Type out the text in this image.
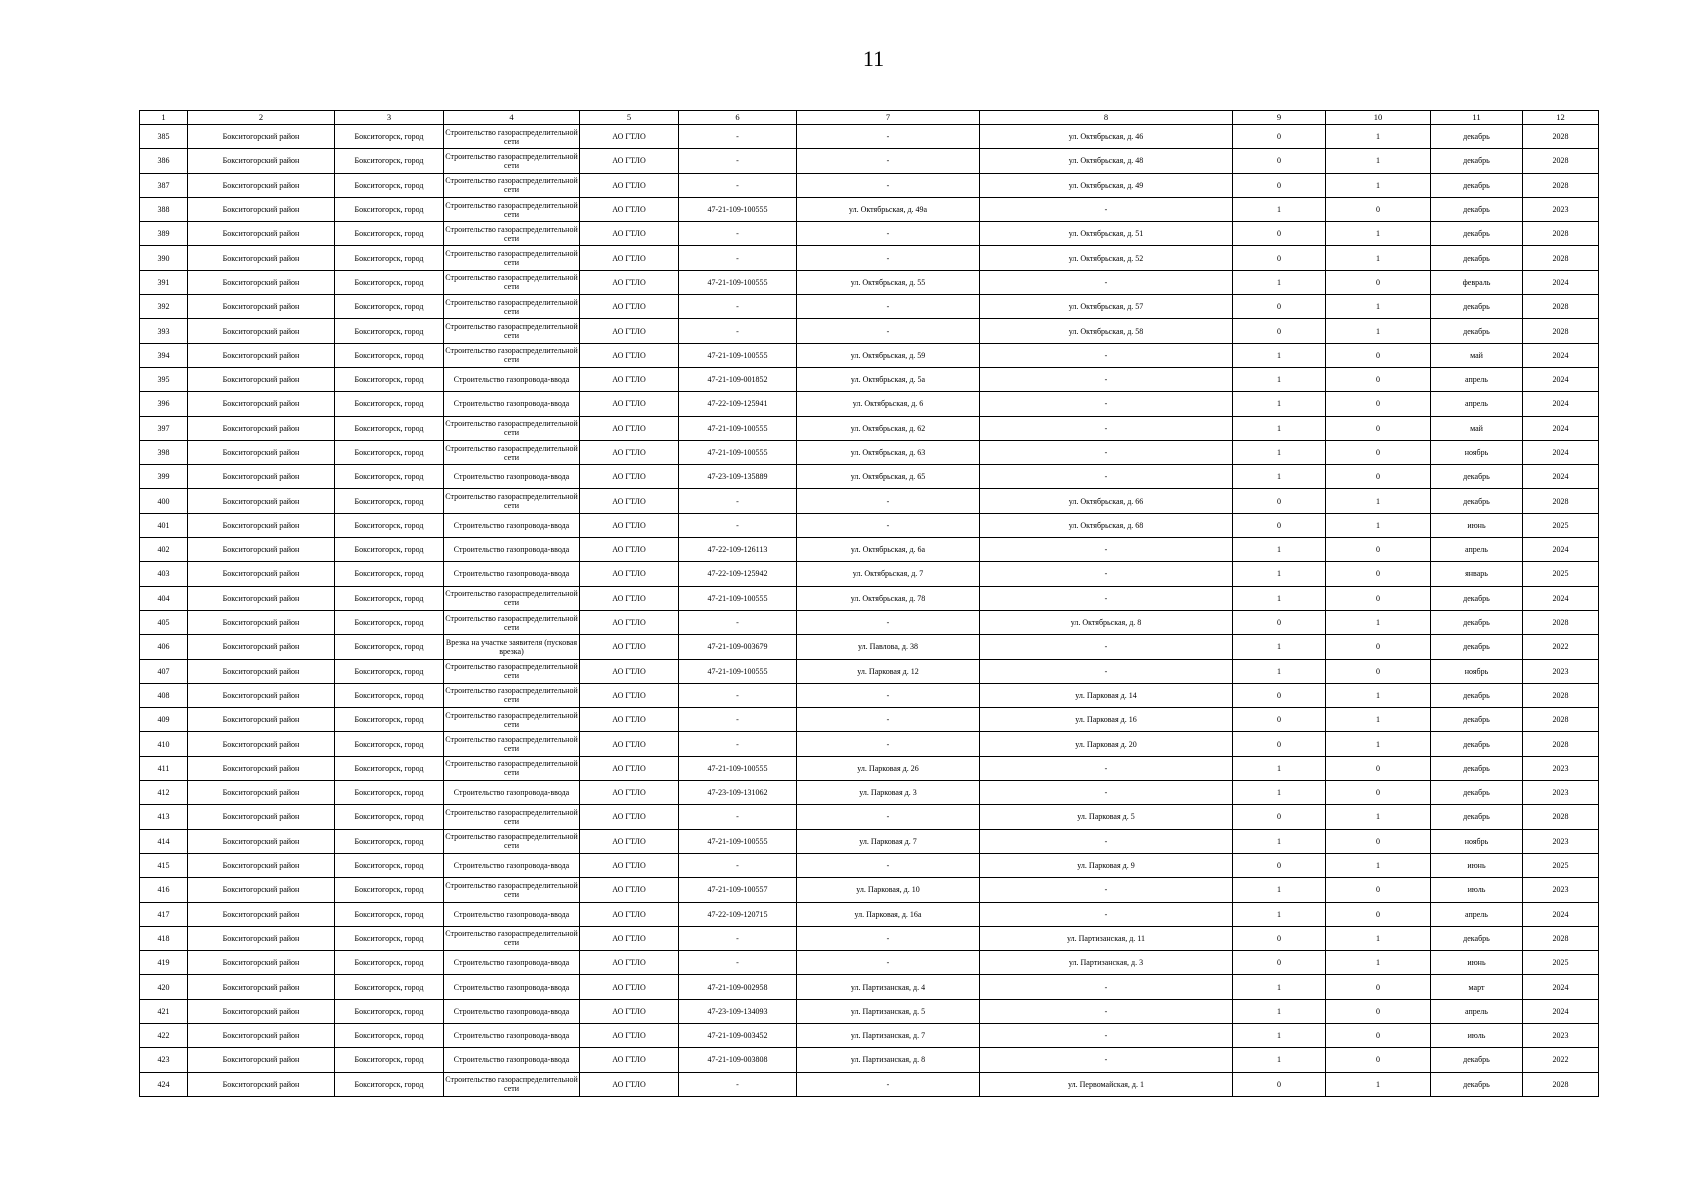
11
1	2	3	4	5	6	7	8	9	10	11	12
385	Бокситогорский район	Бокситогорск, город	Строительство газораспределительной сети	АО ГТЛО	-	-	ул. Октябрьская, д. 46	0	1	декабрь	2028
386	Бокситогорский район	Бокситогорск, город	Строительство газораспределительной сети	АО ГТЛО	-	-	ул. Октябрьская, д. 48	0	1	декабрь	2028
387	Бокситогорский район	Бокситогорск, город	Строительство газораспределительной сети	АО ГТЛО	-	-	ул. Октябрьская, д. 49	0	1	декабрь	2028
388	Бокситогорский район	Бокситогорск, город	Строительство газораспределительной сети	АО ГТЛО	47-21-109-100555	ул. Октябрьская, д. 49а	-	1	0	декабрь	2023
389	Бокситогорский район	Бокситогорск, город	Строительство газораспределительной сети	АО ГТЛО	-	-	ул. Октябрьская, д. 51	0	1	декабрь	2028
390	Бокситогорский район	Бокситогорск, город	Строительство газораспределительной сети	АО ГТЛО	-	-	ул. Октябрьская, д. 52	0	1	декабрь	2028
391	Бокситогорский район	Бокситогорск, город	Строительство газораспределительной сети	АО ГТЛО	47-21-109-100555	ул. Октябрьская, д. 55	-	1	0	февраль	2024
392	Бокситогорский район	Бокситогорск, город	Строительство газораспределительной сети	АО ГТЛО	-	-	ул. Октябрьская, д. 57	0	1	декабрь	2028
393	Бокситогорский район	Бокситогорск, город	Строительство газораспределительной сети	АО ГТЛО	-	-	ул. Октябрьская, д. 58	0	1	декабрь	2028
394	Бокситогорский район	Бокситогорск, город	Строительство газораспределительной сети	АО ГТЛО	47-21-109-100555	ул. Октябрьская, д. 59	-	1	0	май	2024
395	Бокситогорский район	Бокситогорск, город	Строительство газопровода-ввода	АО ГТЛО	47-21-109-001852	ул. Октябрьская, д. 5а	-	1	0	апрель	2024
396	Бокситогорский район	Бокситогорск, город	Строительство газопровода-ввода	АО ГТЛО	47-22-109-125941	ул. Октябрьская, д. 6	-	1	0	апрель	2024
397	Бокситогорский район	Бокситогорск, город	Строительство газораспределительной сети	АО ГТЛО	47-21-109-100555	ул. Октябрьская, д. 62	-	1	0	май	2024
398	Бокситогорский район	Бокситогорск, город	Строительство газораспределительной сети	АО ГТЛО	47-21-109-100555	ул. Октябрьская, д. 63	-	1	0	ноябрь	2024
399	Бокситогорский район	Бокситогорск, город	Строительство газопровода-ввода	АО ГТЛО	47-23-109-135889	ул. Октябрьская, д. 65	-	1	0	декабрь	2024
400	Бокситогорский район	Бокситогорск, город	Строительство газораспределительной сети	АО ГТЛО	-	-	ул. Октябрьская, д. 66	0	1	декабрь	2028
401	Бокситогорский район	Бокситогорск, город	Строительство газопровода-ввода	АО ГТЛО	-	-	ул. Октябрьская, д. 68	0	1	июнь	2025
402	Бокситогорский район	Бокситогорск, город	Строительство газопровода-ввода	АО ГТЛО	47-22-109-126113	ул. Октябрьская, д. 6а	-	1	0	апрель	2024
403	Бокситогорский район	Бокситогорск, город	Строительство газопровода-ввода	АО ГТЛО	47-22-109-125942	ул. Октябрьская, д. 7	-	1	0	январь	2025
404	Бокситогорский район	Бокситогорск, город	Строительство газораспределительной сети	АО ГТЛО	47-21-109-100555	ул. Октябрьская, д. 78	-	1	0	декабрь	2024
405	Бокситогорский район	Бокситогорск, город	Строительство газораспределительной сети	АО ГТЛО	-	-	ул. Октябрьская, д. 8	0	1	декабрь	2028
406	Бокситогорский район	Бокситогорск, город	Врезка на участке заявителя (пусковая врезка)	АО ГТЛО	47-21-109-003679	ул. Павлова, д. 38	-	1	0	декабрь	2022
407	Бокситогорский район	Бокситогорск, город	Строительство газораспределительной сети	АО ГТЛО	47-21-109-100555	ул. Парковая д. 12	-	1	0	ноябрь	2023
408	Бокситогорский район	Бокситогорск, город	Строительство газораспределительной сети	АО ГТЛО	-	-	ул. Парковая д. 14	0	1	декабрь	2028
409	Бокситогорский район	Бокситогорск, город	Строительство газораспределительной сети	АО ГТЛО	-	-	ул. Парковая д. 16	0	1	декабрь	2028
410	Бокситогорский район	Бокситогорск, город	Строительство газораспределительной сети	АО ГТЛО	-	-	ул. Парковая д. 20	0	1	декабрь	2028
411	Бокситогорский район	Бокситогорск, город	Строительство газораспределительной сети	АО ГТЛО	47-21-109-100555	ул. Парковая д. 26	-	1	0	декабрь	2023
412	Бокситогорский район	Бокситогорск, город	Строительство газопровода-ввода	АО ГТЛО	47-23-109-131062	ул. Парковая д. 3	-	1	0	декабрь	2023
413	Бокситогорский район	Бокситогорск, город	Строительство газораспределительной сети	АО ГТЛО	-	-	ул. Парковая д. 5	0	1	декабрь	2028
414	Бокситогорский район	Бокситогорск, город	Строительство газораспределительной сети	АО ГТЛО	47-21-109-100555	ул. Парковая д. 7	-	1	0	ноябрь	2023
415	Бокситогорский район	Бокситогорск, город	Строительство газопровода-ввода	АО ГТЛО	-	-	ул. Парковая д. 9	0	1	июнь	2025
416	Бокситогорский район	Бокситогорск, город	Строительство газораспределительной сети	АО ГТЛО	47-21-109-100557	ул. Парковая, д. 10	-	1	0	июль	2023
417	Бокситогорский район	Бокситогорск, город	Строительство газопровода-ввода	АО ГТЛО	47-22-109-120715	ул. Парковая, д. 16а	-	1	0	апрель	2024
418	Бокситогорский район	Бокситогорск, город	Строительство газораспределительной сети	АО ГТЛО	-	-	ул. Партизанская, д. 11	0	1	декабрь	2028
419	Бокситогорский район	Бокситогорск, город	Строительство газопровода-ввода	АО ГТЛО	-	-	ул. Партизанская, д. 3	0	1	июнь	2025
420	Бокситогорский район	Бокситогорск, город	Строительство газопровода-ввода	АО ГТЛО	47-21-109-002958	ул. Партизанская, д. 4	-	1	0	март	2024
421	Бокситогорский район	Бокситогорск, город	Строительство газопровода-ввода	АО ГТЛО	47-23-109-134093	ул. Партизанская, д. 5	-	1	0	апрель	2024
422	Бокситогорский район	Бокситогорск, город	Строительство газопровода-ввода	АО ГТЛО	47-21-109-003452	ул. Партизанская, д. 7	-	1	0	июль	2023
423	Бокситогорский район	Бокситогорск, город	Строительство газопровода-ввода	АО ГТЛО	47-21-109-003808	ул. Партизанская, д. 8	-	1	0	декабрь	2022
424	Бокситогорский район	Бокситогорск, город	Строительство газораспределительной сети	АО ГТЛО	-	-	ул. Первомайская, д. 1	0	1	декабрь	2028
